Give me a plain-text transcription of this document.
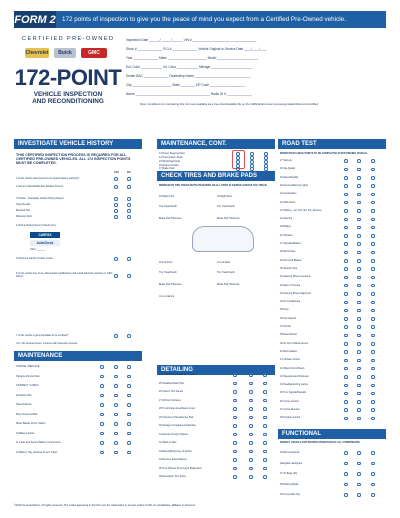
FORM 2 172 points of inspection to give you the peace of mind you expect from a Certified Pre-Owned vehicle.
CERTIFIED PRE-OWNED
Chevrolet	Buick	GMC
172-POINT
VEHICLE INSPECTION
AND RECONDITIONING
Inspection Date ______/______/______ VIN # ____________________________________
Stock # ______________ R.O.# ______________ Vehicle Original In-Service Date ____/____/____
Year ______________ Make ______________________ Model _______________________
Ext. Color ____________ Int. Color ____________ Mileage _______________________
Dealer BAC ______________ Dealership Name _______________________________
City ______________________ State ________ ZIP Code ____________________
Name __________________________________________ Radio ID # ______________
Note: Conditions for completing this form are available as a free downloadable file on the GMGlobalConnect at www.gmdealerlinks.com/certified
INVESTIGATE VEHICLE HISTORY	MAINTENANCE, CONT.	ROAD TEST
CHECK TIRES AND BRAKE PADS
MAINTENANCE
DETAILING
FUNCTIONAL
THIS CERTIFIED INSPECTION PROCESS IS REQUIRED FOR ALL CERTIFIED PRE-OWNED VEHICLES. ALL 172 INSPECTION POINTS MUST BE COMPLETED.
1 Is this vehicle still covered by its original factory warranty?
2 Owner's Manual/Warranty Booklet Present
3 OnStar - Investigate Vehicle History Report
Open Recalls
Branded Title
Warranty Work
4 Vehicle History Report (Check One)
CARFAX
AutoCheck
Other: ______
5 Check for Vehicle Trouble Codes
6 Is this vehicle free of any aftermarket modifications that would affect the warranty or GM's policy?
7 Is this vehicle a good candidate to be Certified?
Yes / No checked boxes, continue with inspection process.
YES	NO
13 Power Steering Fluid
14 Transmission Fluid
15 Windshield Fluid
16 Engine Coolant
17 Brake Fluid
MINIMUM ON TIRE TREAD DEPTH REQUIRED ON ALL TIRES IS 5/32NDS ACROSS THE TREAD.
18 Right Front	19 Right Rear
Tire Tread Depth	Tire Tread Depth
Brake Pad Thickness	Brake Pad Thickness
20 Left Front	21 Left Rear
Tire Tread Depth	Tire Tread Depth
Brake Pad Thickness	Brake Pad Thickness
mm remaining
INSPECTION CHECK POINTS TO BE COMPLETED AFTER DRIVING VEHICLE.
INSPECT VEHICLE FOR PROPER OPERATION OF ALL COMPONENTS.
©2019 General Motors. All rights reserved. The marks appearing in this form are the trademarks or service marks of GM, its subsidiaries, affiliates or licensors.
17 Start-up
18 Idle Quality
19 Speed/Quality
20 Service/Warning Lights
21 Acceleration
22 Shift Action
23 Shifting - 1st, 2nd, 3rd, 4th, Reverse
24 Steering
25 Brakes
26 Vibration
27 Squeaks/Rattles
28 Wind Noise
29 Anti-Lock Brakes
30 Smooth Stop
31 Steering Wheel Centered
32 Ease of Turning
33 Steering Wheel Alignment
34 Air Conditioning
35 Heat
36 Fan Speeds
37 Defrost
38 Rear Defrost
39 Air Vent Grilles/Louvers
40 Recirculation
41 Climate Control
42 Wipers (Front/Rear)
43 Speedometer/Odometer
44 Headlamps/Fog Lamps
45 Turn Signals/Hazards
46 Cruise Control
47 Cruise Resume
48 Traction Control
CHANGE / REPLACE
8 Engine Oil and Filter
9 INSPECT / CHECK
Air/Cabin Filter
Hoses/Clamps
Drive Tensioner/Belt
Wiper Blades (Front / Back)
10 Battery Status
11 Clean and Secure Battery Connections
12 Battery Tray, Retainer & Vent Tubes
24 Carpet/Floor Mats/Seat Covers
25 Headliner/Dash Pad
26 Interior Trim Panels
27 All Door Surfaces
28 Trunk/Cargo Area/Spare Cover
29 Instrument Panel/Center Pad
30 Storage Compartments/Ashtray
31 Exterior Foreign Objects
32 Wash or Wax
33 Beauty/Body Free of Debris
34 Remove Road Stickers
35 Tires Wheels Tires Fog & Brake Dust
36 Decorative Trim Strips
OnStar Functional
Navigation Equipped
37 Air Bags (All)
38 Parking Brake
39 Convertible Top
